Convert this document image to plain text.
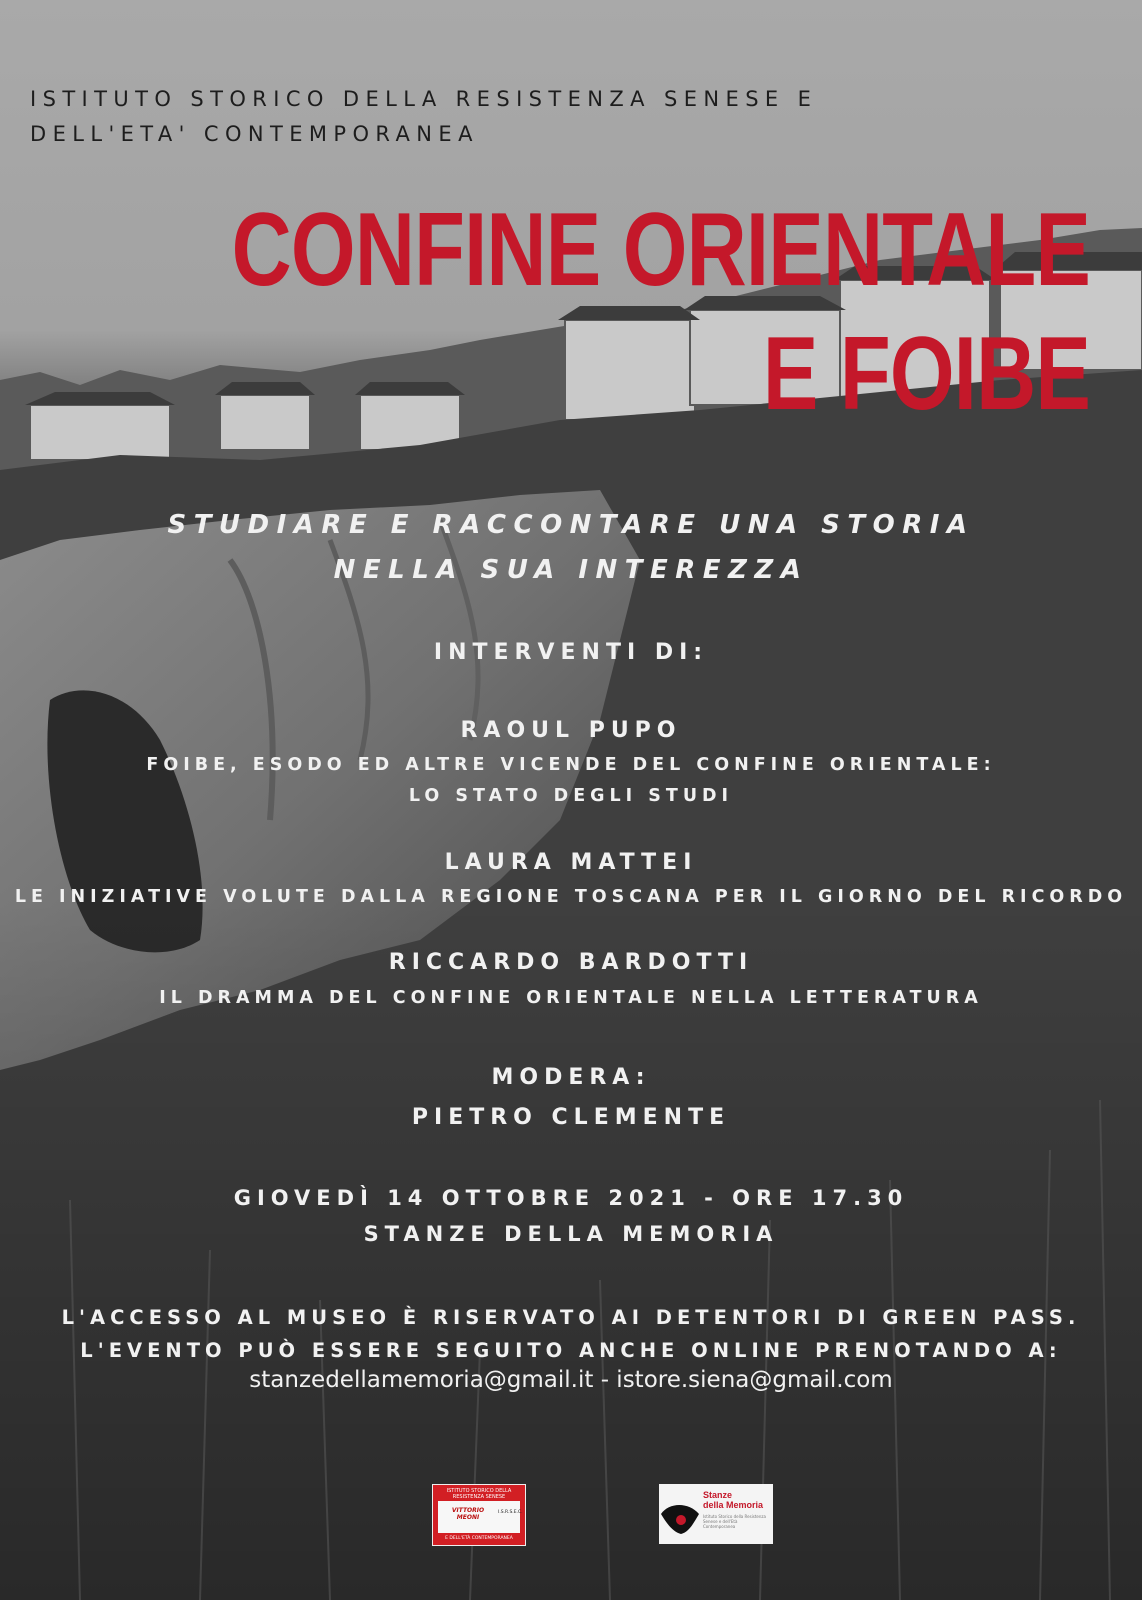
ISTITUTO STORICO DELLA RESISTENZA SENESE E
DELL'ETA' CONTEMPORANEA
CONFINE ORIENTALE
E FOIBE
STUDIARE E RACCONTARE UNA STORIA
NELLA SUA INTEREZZA
INTERVENTI DI:
RAOUL PUPO
FOIBE, ESODO ED ALTRE VICENDE DEL CONFINE ORIENTALE:
LO STATO DEGLI STUDI
LAURA MATTEI
LE INIZIATIVE VOLUTE DALLA REGIONE TOSCANA PER IL GIORNO DEL RICORDO
RICCARDO BARDOTTI
IL DRAMMA DEL CONFINE ORIENTALE NELLA LETTERATURA
MODERA:
PIETRO CLEMENTE
GIOVEDÌ 14 OTTOBRE 2021 - ORE 17.30
STANZE DELLA MEMORIA
L'ACCESSO AL MUSEO È RISERVATO AI DETENTORI DI GREEN PASS.
L'EVENTO PUÒ ESSERE SEGUITO ANCHE ONLINE PRENOTANDO A:
stanzedellamemoria@gmail.it - istore.siena@gmail.com
ISTITUTO STORICO DELLA RESISTENZA SENESE
VITTORIO MEONI
I.S.R.S.E.C.
E DELL'ETÀ CONTEMPORANEA
Stanze
della Memoria
Istituto Storico della Resistenza Senese e dell'Età Contemporanea
